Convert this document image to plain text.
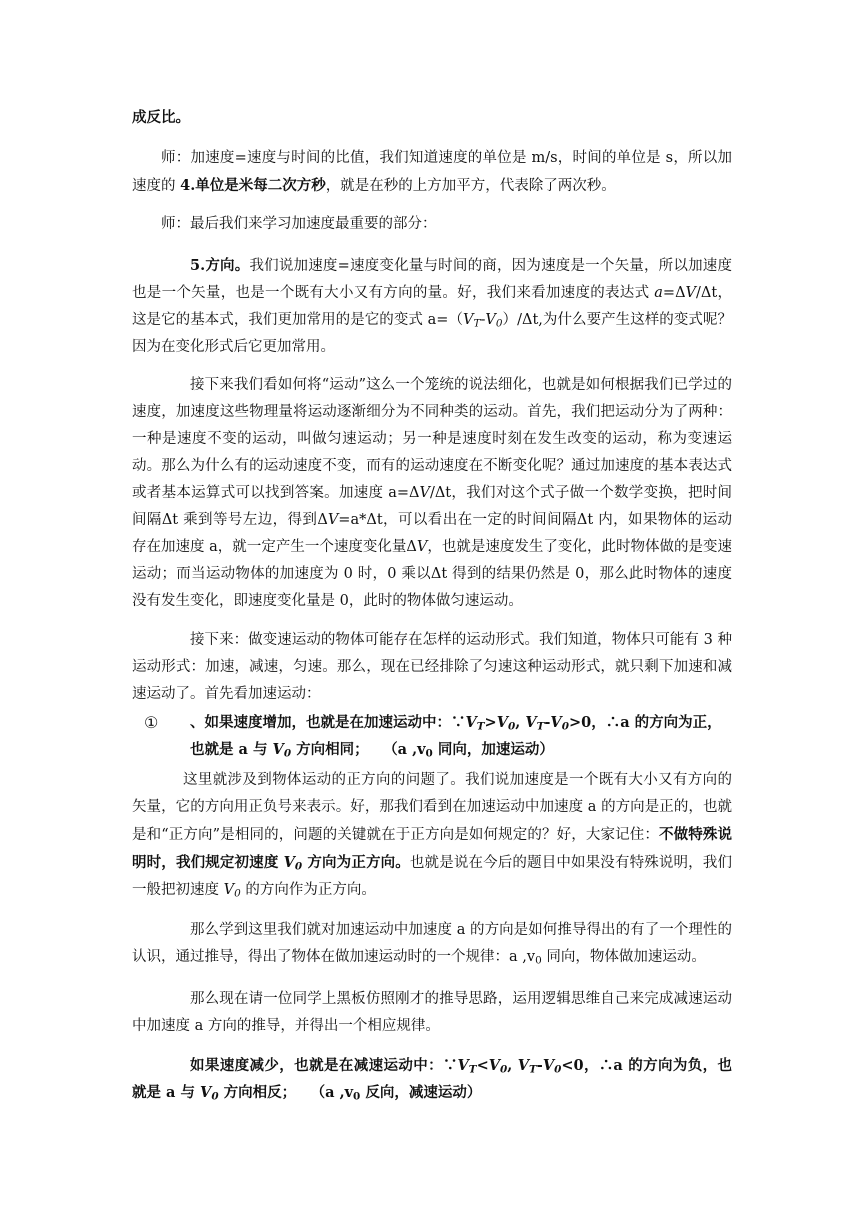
成反比。

师：加速度=速度与时间的比值，我们知道速度的单位是 m/s，时间的单位是 s，所以加速度的 4.单位是米每二次方秒，就是在秒的上方加平方，代表除了两次秒。

师：最后我们来学习加速度最重要的部分：

5.方向。我们说加速度=速度变化量与时间的商，因为速度是一个矢量，所以加速度也是一个矢量，也是一个既有大小又有方向的量。好，我们来看加速度的表达式 a=ΔV/Δt，这是它的基本式，我们更加常用的是它的变式 $a=(V_T-V_0)/\Delta t$,为什么要产生这样的变式呢？因为在变化形式后它更加常用。

接下来我们看如何将“运动”这么一个笼统的说法细化，也就是如何根据我们已学过的速度，加速度这些物理量将运动逐渐细分为不同种类的运动。首先，我们把运动分为了两种：一种是速度不变的运动，叫做匀速运动；另一种是速度时刻在发生改变的运动，称为变速运动。那么为什么有的运动速度不变，而有的运动速度在不断变化呢？通过加速度的基本表达式或者基本运算式可以找到答案。加速度 a=ΔV/Δt，我们对这个式子做一个数学变换，把时间间隔Δt 乘到等号左边，得到ΔV=a*Δt，可以看出在一定的时间间隔Δt 内，如果物体的运动存在加速度 a，就一定产生一个速度变化量ΔV，也就是速度发生了变化，此时物体做的是变速运动；而当运动物体的加速度为 0 时，0 乘以Δt 得到的结果仍然是 0，那么此时物体的速度没有发生变化，即速度变化量是 0，此时的物体做匀速运动。

接下来：做变速运动的物体可能存在怎样的运动形式。我们知道，物体只可能有 3 种运动形式：加速，减速，匀速。那么，现在已经排除了匀速这种运动形式，就只剩下加速和减速运动了。首先看加速运动：

① 、如果速度增加，也就是在加速运动中：$\because V_T>V_0$, $V_T-V_0>0$，∴a 的方向为正，也就是 a 与 $V_0$ 方向相同；　　（a $,v_0$ 同向，加速运动）

这里就涉及到物体运动的正方向的问题了。我们说加速度是一个既有大小又有方向的矢量，它的方向用正负号来表示。好，那我们看到在加速运动中加速度 a 的方向是正的，也就是和“正方向”是相同的，问题的关键就在于正方向是如何规定的？好，大家记住：不做特殊说明时，我们规定初速度 $V_0$ 方向为正方向。也就是说在今后的题目中如果没有特殊说明，我们一般把初速度 $V_0$ 的方向作为正方向。

那么学到这里我们就对加速运动中加速度 a 的方向是如何推导得出的有了一个理性的认识，通过推导，得出了物体在做加速运动时的一个规律：a $,v_0$ 同向，物体做加速运动。

那么现在请一位同学上黑板仿照刚才的推导思路，运用逻辑思维自己来完成减速运动中加速度 a 方向的推导，并得出一个相应规律。

如果速度减少，也就是在减速运动中：$\because V_T<V_0$, $V_T-V_0<0$，∴a 的方向为负，也就是 a 与 $V_0$ 方向相反；　　（a $,v_0$ 反向，减速运动）
